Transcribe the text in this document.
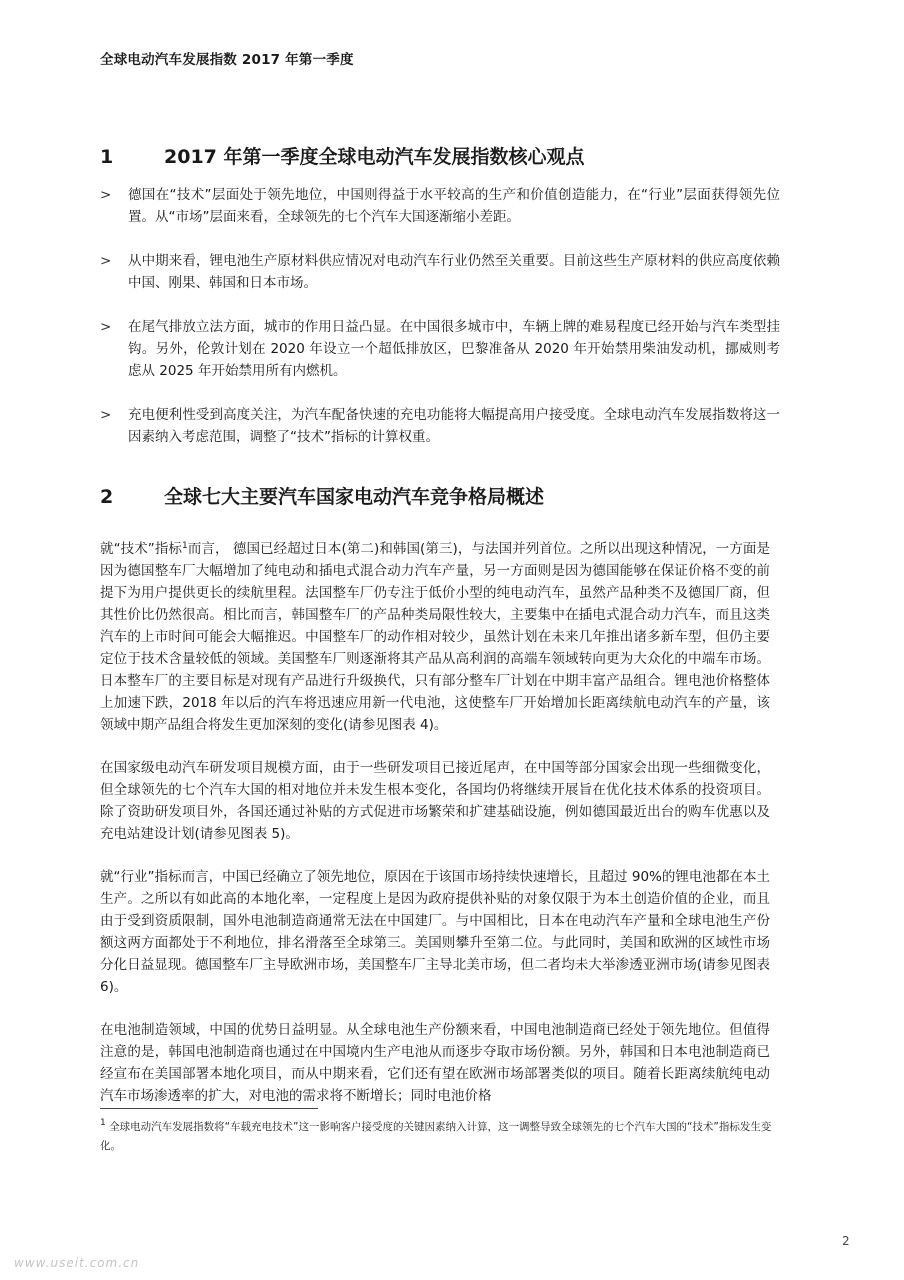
全球电动汽车发展指数 2017 年第一季度
1	2017 年第一季度全球电动汽车发展指数核心观点
>	德国在“技术”层面处于领先地位，中国则得益于水平较高的生产和价值创造能力，在“行业”层面获得领先位置。从“市场”层面来看，全球领先的七个汽车大国逐渐缩小差距。
>	从中期来看，锂电池生产原材料供应情况对电动汽车行业仍然至关重要。目前这些生产原材料的供应高度依赖中国、刚果、韩国和日本市场。
>	在尾气排放立法方面，城市的作用日益凸显。在中国很多城市中，车辆上牌的难易程度已经开始与汽车类型挂钩。另外，伦敦计划在 2020 年设立一个超低排放区，巴黎准备从 2020 年开始禁用柴油发动机，挪威则考虑从 2025 年开始禁用所有内燃机。
>	充电便利性受到高度关注，为汽车配备快速的充电功能将大幅提高用户接受度。全球电动汽车发展指数将这一因素纳入考虑范围，调整了“技术”指标的计算权重。
2	全球七大主要汽车国家电动汽车竞争格局概述

就“技术”指标$^1$而言， 德国已经超过日本(第二)和韩国(第三)，与法国并列首位。之所以出现这种情况，一方面是因为德国整车厂大幅增加了纯电动和插电式混合动力汽车产量，另一方面则是因为德国能够在保证价格不变的前提下为用户提供更长的续航里程。法国整车厂仍专注于低价小型的纯电动汽车，虽然产品种类不及德国厂商，但其性价比仍然很高。相比而言，韩国整车厂的产品种类局限性较大，主要集中在插电式混合动力汽车，而且这类汽车的上市时间可能会大幅推迟。中国整车厂的动作相对较少，虽然计划在未来几年推出诸多新车型，但仍主要定位于技术含量较低的领域。美国整车厂则逐渐将其产品从高利润的高端车领域转向更为大众化的中端车市场。日本整车厂的主要目标是对现有产品进行升级换代，只有部分整车厂计划在中期丰富产品组合。锂电池价格整体上加速下跌，2018 年以后的汽车将迅速应用新一代电池，这使整车厂开始增加长距离续航电动汽车的产量，该领域中期产品组合将发生更加深刻的变化(请参见图表 4)。

在国家级电动汽车研发项目规模方面，由于一些研发项目已接近尾声，在中国等部分国家会出现一些细微变化，但全球领先的七个汽车大国的相对地位并未发生根本变化，各国均仍将继续开展旨在优化技术体系的投资项目。除了资助研发项目外，各国还通过补贴的方式促进市场繁荣和扩建基础设施，例如德国最近出台的购车优惠以及充电站建设计划(请参见图表 5)。

就“行业”指标而言，中国已经确立了领先地位，原因在于该国市场持续快速增长，且超过 90%的锂电池都在本土生产。之所以有如此高的本地化率，一定程度上是因为政府提供补贴的对象仅限于为本土创造价值的企业，而且由于受到资质限制，国外电池制造商通常无法在中国建厂。与中国相比，日本在电动汽车产量和全球电池生产份额这两方面都处于不利地位，排名滑落至全球第三。美国则攀升至第二位。与此同时，美国和欧洲的区域性市场分化日益显现。德国整车厂主导欧洲市场，美国整车厂主导北美市场，但二者均未大举渗透亚洲市场(请参见图表 6)。

在电池制造领域，中国的优势日益明显。从全球电池生产份额来看，中国电池制造商已经处于领先地位。但值得注意的是，韩国电池制造商也通过在中国境内生产电池从而逐步夺取市场份额。另外，韩国和日本电池制造商已经宣布在美国部署本地化项目，而从中期来看，它们还有望在欧洲市场部署类似的项目。随着长距离续航纯电动汽车市场渗透率的扩大，对电池的需求将不断增长；同时电池价格

$^1$ 全球电动汽车发展指数将“车载充电技术”这一影响客户接受度的关键因素纳入计算，这一调整导致全球领先的七个汽车大国的“技术”指标发生变化。
2
www.useit.com.cn
